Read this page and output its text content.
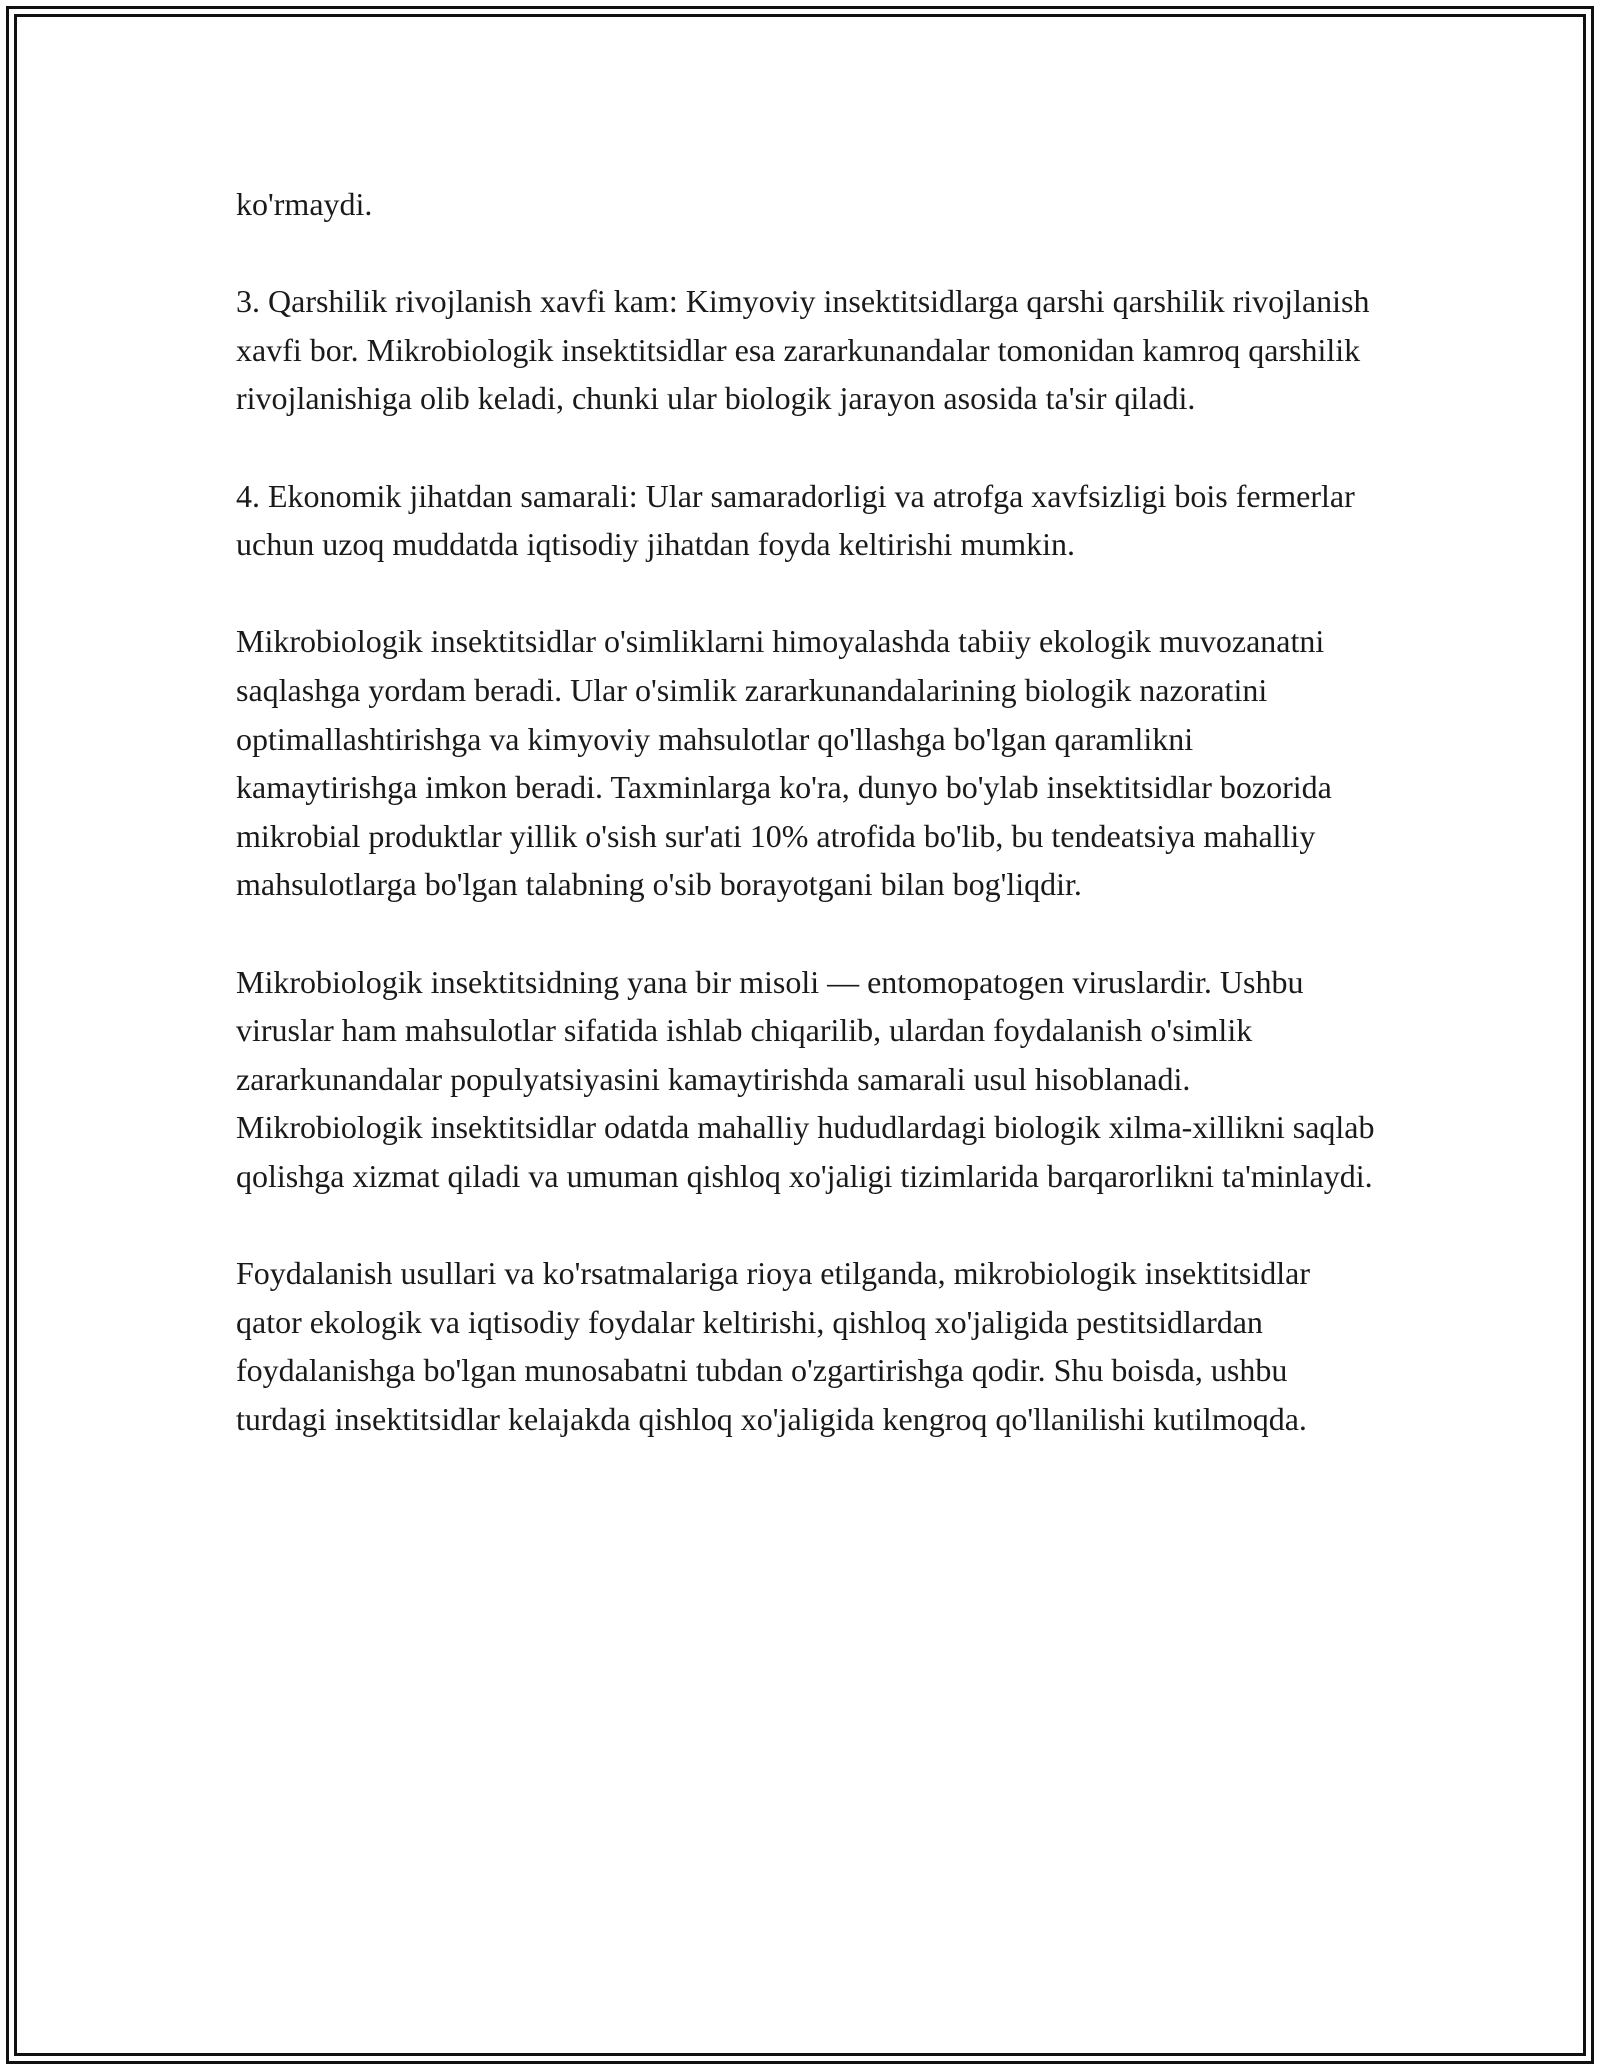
ko'rmaydi.

3. Qarshilik rivojlanish xavfi kam: Kimyoviy insektitsidlarga qarshi qarshilik rivojlanish xavfi bor. Mikrobiologik insektitsidlar esa zararkunandalar tomonidan kamroq qarshilik rivojlanishiga olib keladi, chunki ular biologik jarayon asosida ta'sir qiladi.

4. Ekonomik jihatdan samarali: Ular samaradorligi va atrofga xavfsizligi bois fermerlar uchun uzoq muddatda iqtisodiy jihatdan foyda keltirishi mumkin.

Mikrobiologik insektitsidlar o'simliklarni himoyalashda tabiiy ekologik muvozanatni saqlashga yordam beradi. Ular o'simlik zararkunandalarining biologik nazoratini optimallashtirishga va kimyoviy mahsulotlar qo'llashga bo'lgan qaramlikni kamaytirishga imkon beradi. Taxminlarga ko'ra, dunyo bo'ylab insektitsidlar bozorida mikrobial produktlar yillik o'sish sur'ati 10% atrofida bo'lib, bu tendeatsiya mahalliy mahsulotlarga bo'lgan talabning o'sib borayotgani bilan bog'liqdir.

Mikrobiologik insektitsidning yana bir misoli — entomopatogen viruslardir. Ushbu viruslar ham mahsulotlar sifatida ishlab chiqarilib, ulardan foydalanish o'simlik zararkunandalar populyatsiyasini kamaytirishda samarali usul hisoblanadi. Mikrobiologik insektitsidlar odatda mahalliy hududlardagi biologik xilma-xillikni saqlab qolishga xizmat qiladi va umuman qishloq xo'jaligi tizimlarida barqarorlikni ta'minlaydi.

Foydalanish usullari va ko'rsatmalariga rioya etilganda, mikrobiologik insektitsidlar qator ekologik va iqtisodiy foydalar keltirishi, qishloq xo'jaligida pestitsidlardan foydalanishga bo'lgan munosabatni tubdan o'zgartirishga qodir. Shu boisda, ushbu turdagi insektitsidlar kelajakda qishloq xo'jaligida kengroq qo'llanilishi kutilmoqda.
